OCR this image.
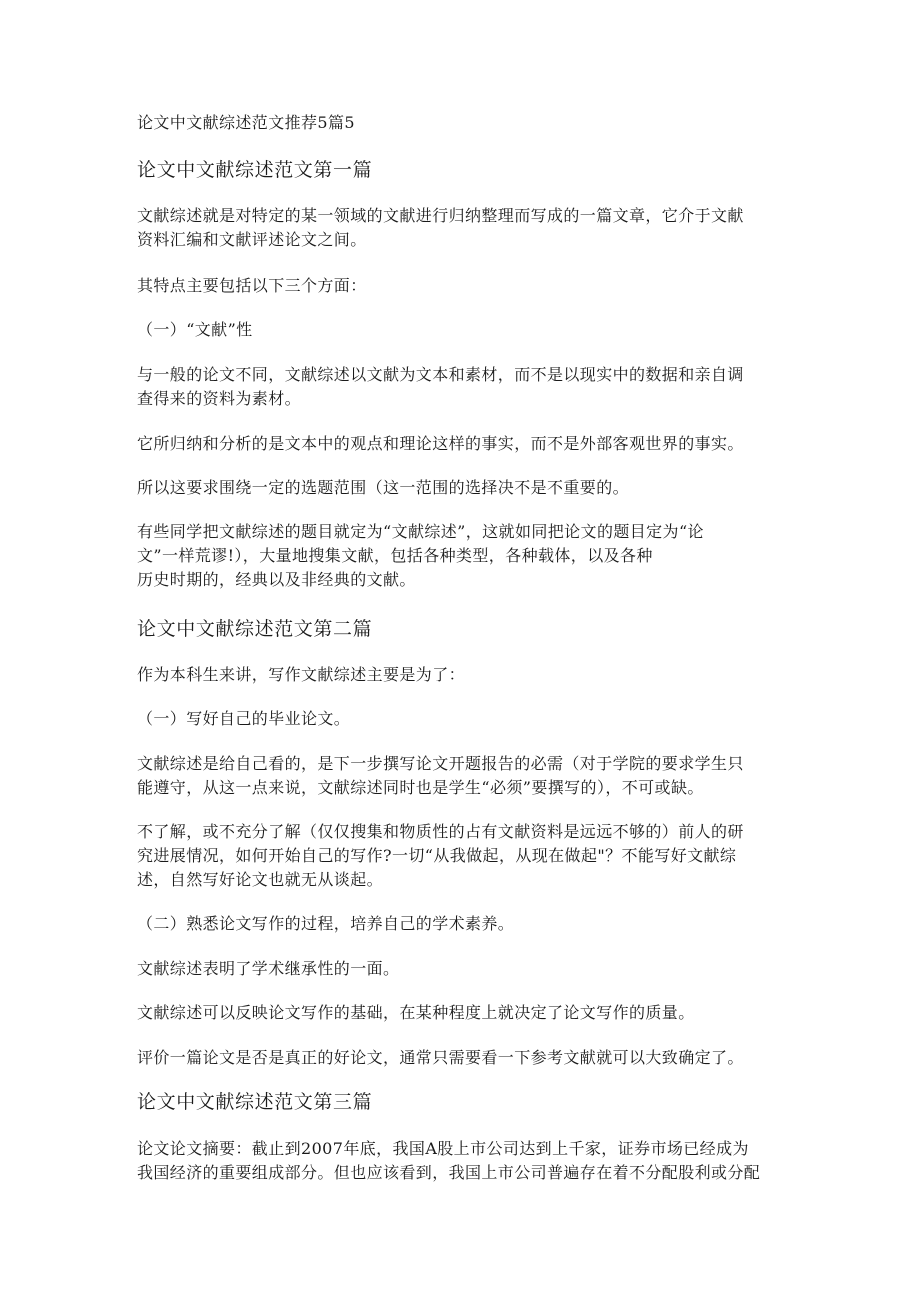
论文中文献综述范文推荐5篇5
论文中文献综述范文第一篇
文献综述就是对特定的某一领域的文献进行归纳整理而写成的一篇文章，它介于文献
资料汇编和文献评述论文之间。
其特点主要包括以下三个方面：
（一）“文献”性
与一般的论文不同，文献综述以文献为文本和素材，而不是以现实中的数据和亲自调
查得来的资料为素材。
它所归纳和分析的是文本中的观点和理论这样的事实，而不是外部客观世界的事实。
所以这要求围绕一定的选题范围（这一范围的选择决不是不重要的。
有些同学把文献综述的题目就定为“文献综述”，这就如同把论文的题目定为“论
文”一样荒谬!），大量地搜集文献，包括各种类型，各种载体，以及各种
历史时期的，经典以及非经典的文献。
论文中文献综述范文第二篇
作为本科生来讲，写作文献综述主要是为了：
（一）写好自己的毕业论文。
文献综述是给自己看的，是下一步撰写论文开题报告的必需（对于学院的要求学生只
能遵守，从这一点来说，文献综述同时也是学生“必须”要撰写的），不可或缺。
不了解，或不充分了解（仅仅搜集和物质性的占有文献资料是远远不够的）前人的研
究进展情况，如何开始自己的写作?一切“从我做起，从现在做起"？不能写好文献综
述，自然写好论文也就无从谈起。
（二）熟悉论文写作的过程，培养自己的学术素养。
文献综述表明了学术继承性的一面。
文献综述可以反映论文写作的基础，在某种程度上就决定了论文写作的质量。
评价一篇论文是否是真正的好论文，通常只需要看一下参考文献就可以大致确定了。
论文中文献综述范文第三篇
论文论文摘要：截止到2007年底，我国A股上市公司达到上千家，证券市场已经成为
我国经济的重要组成部分。但也应该看到，我国上市公司普遍存在着不分配股利或分配
